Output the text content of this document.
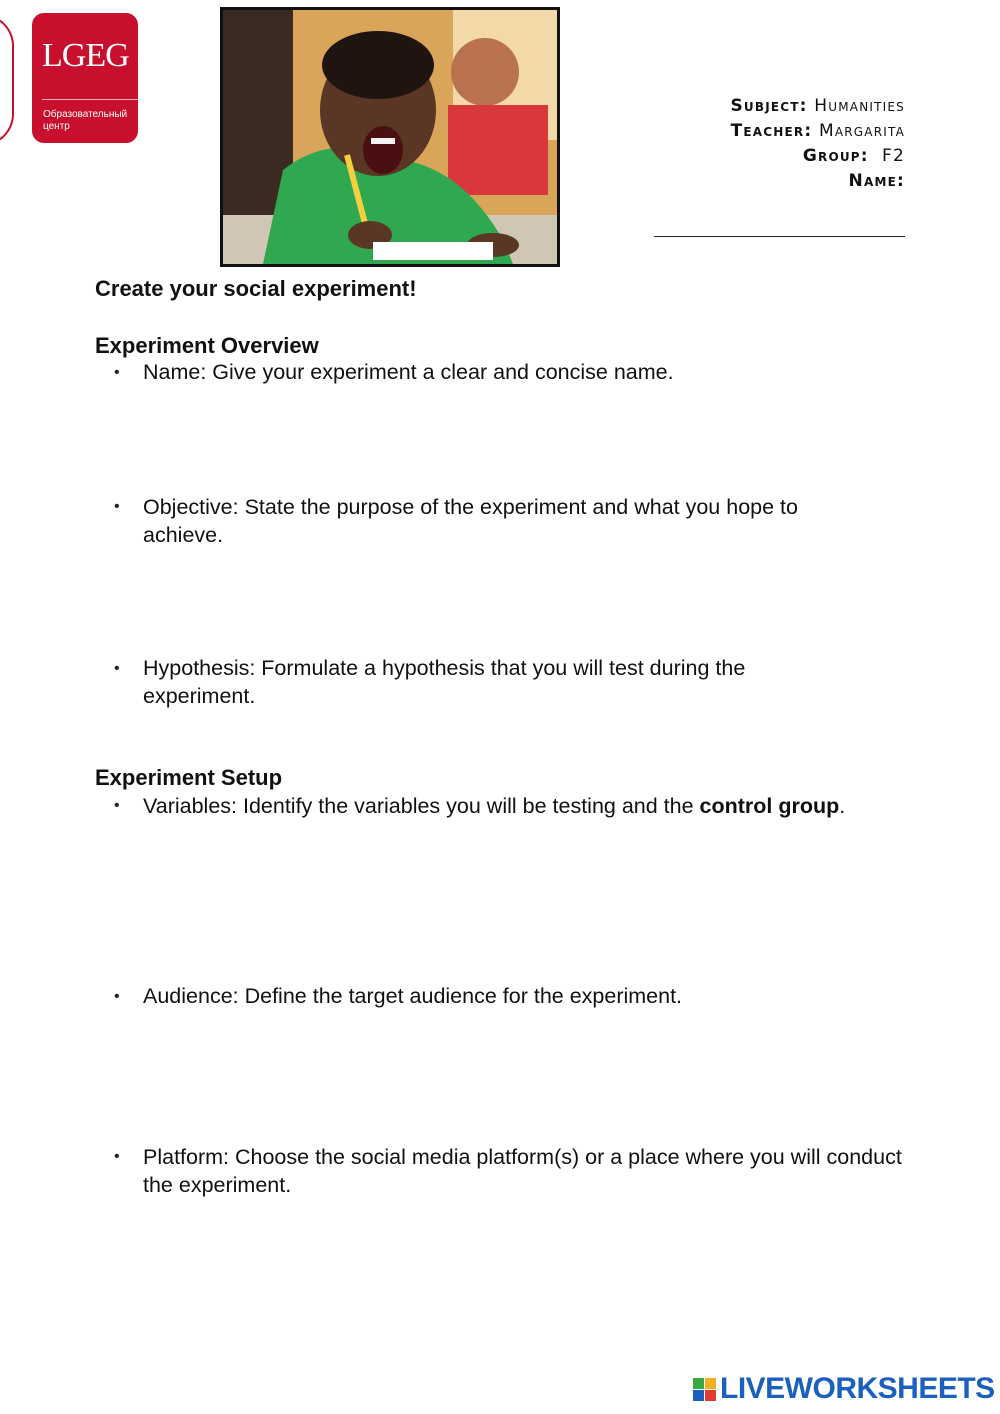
LGEG
Образовательный
центр
Subject: Humanities
Teacher: Margarita
Group: F2
Name:
Create your social experiment!
Experiment Overview
• Name: Give your experiment a clear and concise name.
• Objective: State the purpose of the experiment and what you hope to achieve.
• Hypothesis: Formulate a hypothesis that you will test during the experiment.
Experiment Setup
• Variables: Identify the variables you will be testing and the control group.
• Audience: Define the target audience for the experiment.
• Platform: Choose the social media platform(s) or a place where you will conduct the experiment.
LIVEWORKSHEETS
